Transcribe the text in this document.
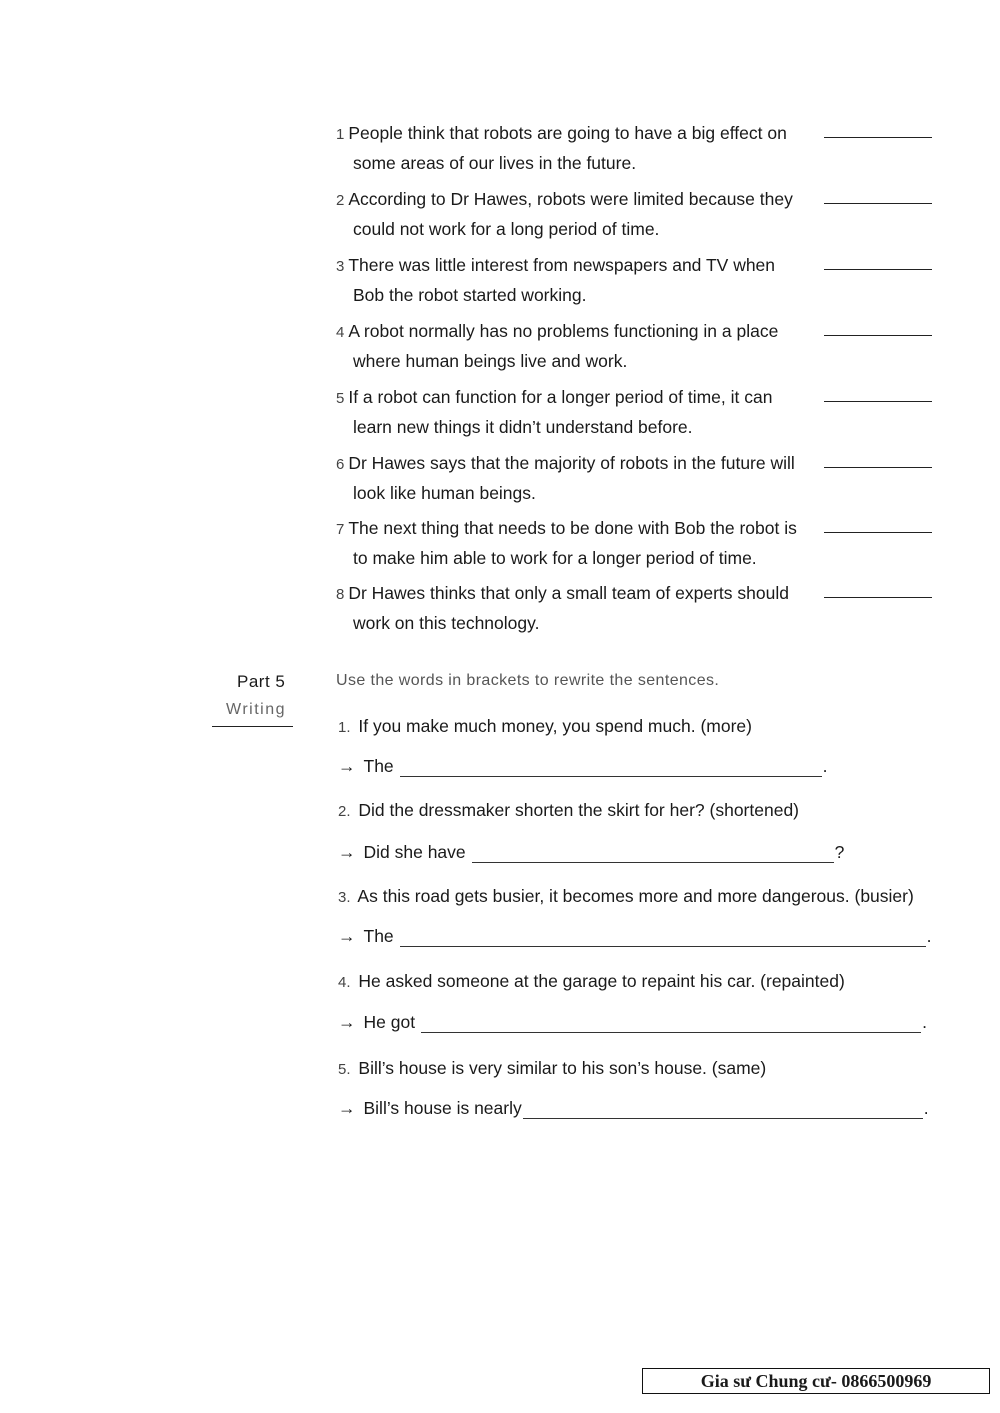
1 People think that robots are going to have a big effect on
some areas of our lives in the future.
2 According to Dr Hawes, robots were limited because they
could not work for a long period of time.
3 There was little interest from newspapers and TV when
Bob the robot started working.
4 A robot normally has no problems functioning in a place
where human beings live and work.
5 If a robot can function for a longer period of time, it can
learn new things it didn’t understand before.
6 Dr Hawes says that the majority of robots in the future will
look like human beings.
7 The next thing that needs to be done with Bob the robot is
to make him able to work for a longer period of time.
8 Dr Hawes thinks that only a small team of experts should
work on this technology.
Part 5
Writing
Use the words in brackets to rewrite the sentences.
1. If you make much money, you spend much. (more)
→ The	.
2. Did the dressmaker shorten the skirt for her? (shortened)
→ Did she have	?
3. As this road gets busier, it becomes more and more dangerous. (busier)
→ The	.
4. He asked someone at the garage to repaint his car. (repainted)
→ He got	.
5. Bill’s house is very similar to his son’s house. (same)
→ Bill’s house is nearly	.
Gia sư Chung cư- 0866500969
